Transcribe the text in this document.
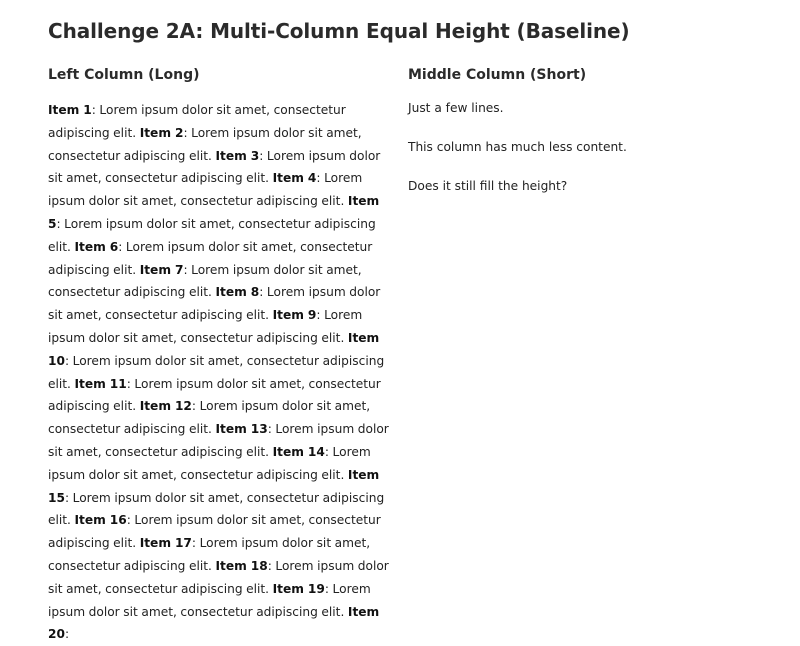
Challenge 2A: Multi-Column Equal Height (Baseline)
Left Column (Long)

Item 1: Lorem ipsum dolor sit amet, consectetur adipiscing elit. Item 2: Lorem ipsum dolor sit amet, consectetur adipiscing elit. Item 3: Lorem ipsum dolor sit amet, consectetur adipiscing elit. Item 4: Lorem ipsum dolor sit amet, consectetur adipiscing elit. Item 5: Lorem ipsum dolor sit amet, consectetur adipiscing elit. Item 6: Lorem ipsum dolor sit amet, consectetur adipiscing elit. Item 7: Lorem ipsum dolor sit amet, consectetur adipiscing elit. Item 8: Lorem ipsum dolor sit amet, consectetur adipiscing elit. Item 9: Lorem ipsum dolor sit amet, consectetur adipiscing elit. Item 10: Lorem ipsum dolor sit amet, consectetur adipiscing elit. Item 11: Lorem ipsum dolor sit amet, consectetur adipiscing elit. Item 12: Lorem ipsum dolor sit amet, consectetur adipiscing elit. Item 13: Lorem ipsum dolor sit amet, consectetur adipiscing elit. Item 14: Lorem ipsum dolor sit amet, consectetur adipiscing elit. Item 15: Lorem ipsum dolor sit amet, consectetur adipiscing elit. Item 16: Lorem ipsum dolor sit amet, consectetur adipiscing elit. Item 17: Lorem ipsum dolor sit amet, consectetur adipiscing elit. Item 18: Lorem ipsum dolor sit amet, consectetur adipiscing elit. Item 19: Lorem ipsum dolor sit amet, consectetur adipiscing elit. Item 20:

Middle Column (Short)

Just a few lines.

This column has much less content.

Does it still fill the height?
